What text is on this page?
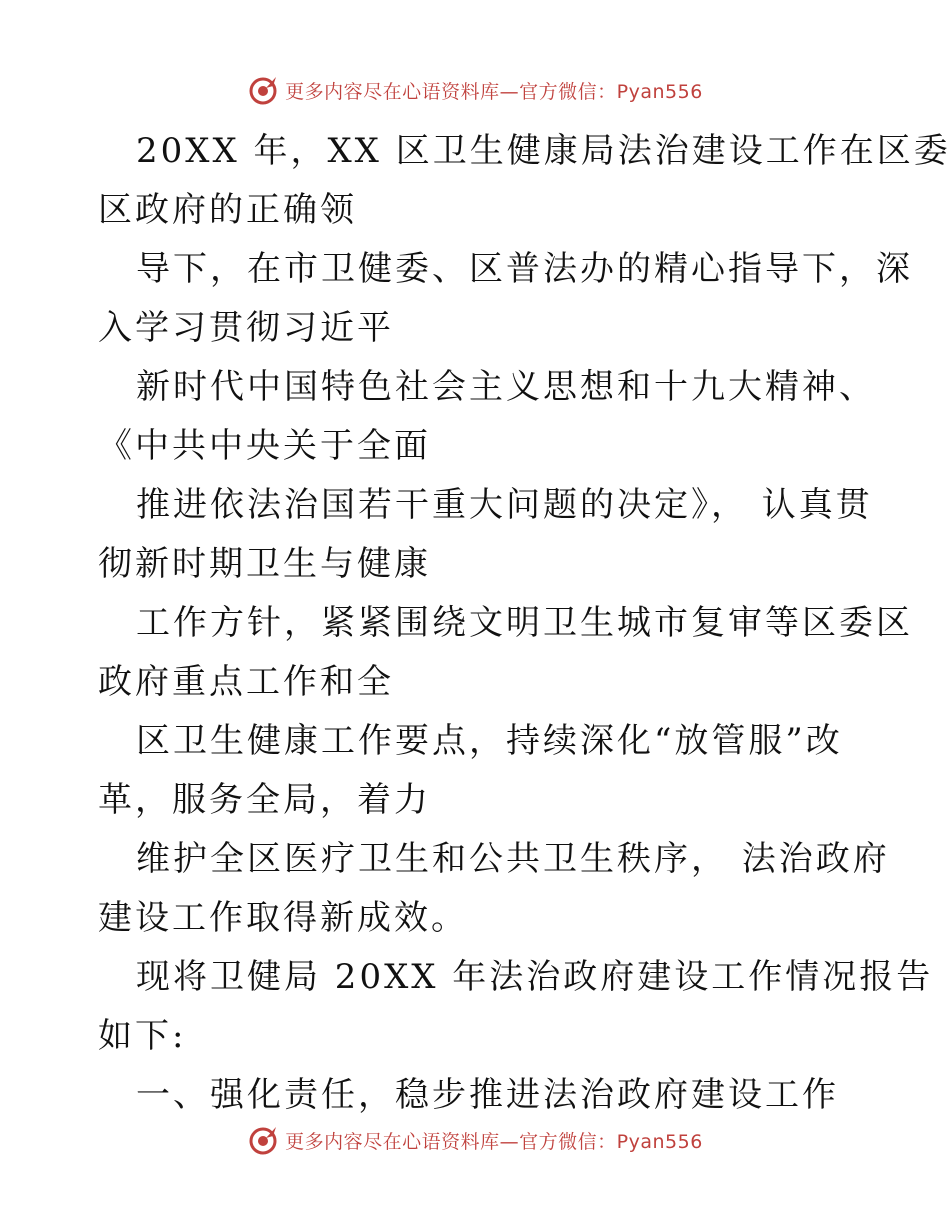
更多内容尽在心语资料库—官方微信：Pyan556
20XX 年，XX 区卫生健康局法治建设工作在区委
区政府的正确领
导下，在市卫健委、区普法办的精心指导下，深
入学习贯彻习近平
新时代中国特色社会主义思想和十九大精神、
《中共中央关于全面
推进依法治国若干重大问题的决定》， 认真贯
彻新时期卫生与健康
工作方针，紧紧围绕文明卫生城市复审等区委区
政府重点工作和全
区卫生健康工作要点，持续深化“放管服”改
革，服务全局，着力
维护全区医疗卫生和公共卫生秩序， 法治政府
建设工作取得新成效。
现将卫健局 20XX 年法治政府建设工作情况报告
如下:
一、强化责任，稳步推进法治政府建设工作
更多内容尽在心语资料库—官方微信：Pyan556
